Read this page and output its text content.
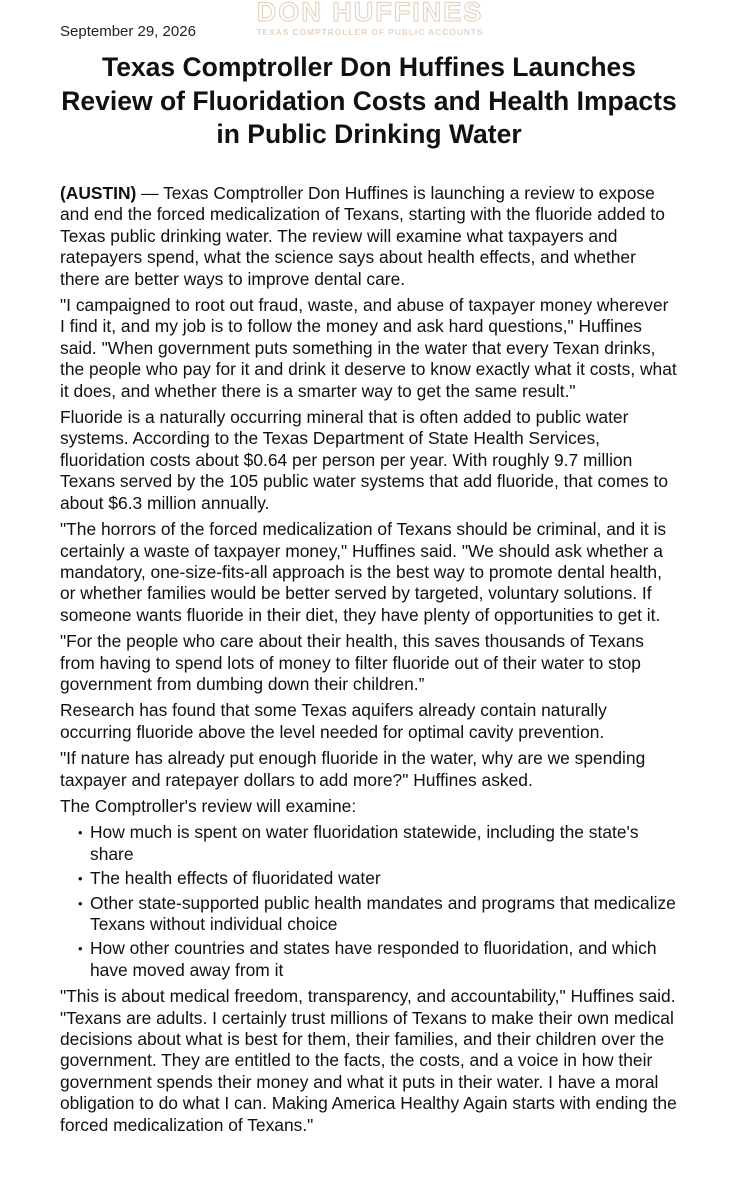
September 29, 2026
DON HUFFINES
TEXAS COMPTROLLER OF PUBLIC ACCOUNTS
Texas Comptroller Don Huffines Launches Review of Fluoridation Costs and Health Impacts in Public Drinking Water

(AUSTIN) — Texas Comptroller Don Huffines is launching a review to expose and end the forced medicalization of Texans, starting with the fluoride added to Texas public drinking water. The review will examine what taxpayers and ratepayers spend, what the science says about health effects, and whether there are better ways to improve dental care.

"I campaigned to root out fraud, waste, and abuse of taxpayer money wherever I find it, and my job is to follow the money and ask hard questions," Huffines said. "When government puts something in the water that every Texan drinks, the people who pay for it and drink it deserve to know exactly what it costs, what it does, and whether there is a smarter way to get the same result."

Fluoride is a naturally occurring mineral that is often added to public water systems. According to the Texas Department of State Health Services, fluoridation costs about $0.64 per person per year. With roughly 9.7 million Texans served by the 105 public water systems that add fluoride, that comes to about $6.3 million annually.

"The horrors of the forced medicalization of Texans should be criminal, and it is certainly a waste of taxpayer money," Huffines said. "We should ask whether a mandatory, one-size-fits-all approach is the best way to promote dental health, or whether families would be better served by targeted, voluntary solutions. If someone wants fluoride in their diet, they have plenty of opportunities to get it.

"For the people who care about their health, this saves thousands of Texans from having to spend lots of money to filter fluoride out of their water to stop government from dumbing down their children.”

Research has found that some Texas aquifers already contain naturally occurring fluoride above the level needed for optimal cavity prevention.

"If nature has already put enough fluoride in the water, why are we spending taxpayer and ratepayer dollars to add more?" Huffines asked.

The Comptroller's review will examine:

• How much is spent on water fluoridation statewide, including the state's share
• The health effects of fluoridated water
• Other state-supported public health mandates and programs that medicalize Texans without individual choice
• How other countries and states have responded to fluoridation, and which have moved away from it

"This is about medical freedom, transparency, and accountability," Huffines said. "Texans are adults. I certainly trust millions of Texans to make their own medical decisions about what is best for them, their families, and their children over the government. They are entitled to the facts, the costs, and a voice in how their government spends their money and what it puts in their water. I have a moral obligation to do what I can. Making America Healthy Again starts with ending the forced medicalization of Texans."
